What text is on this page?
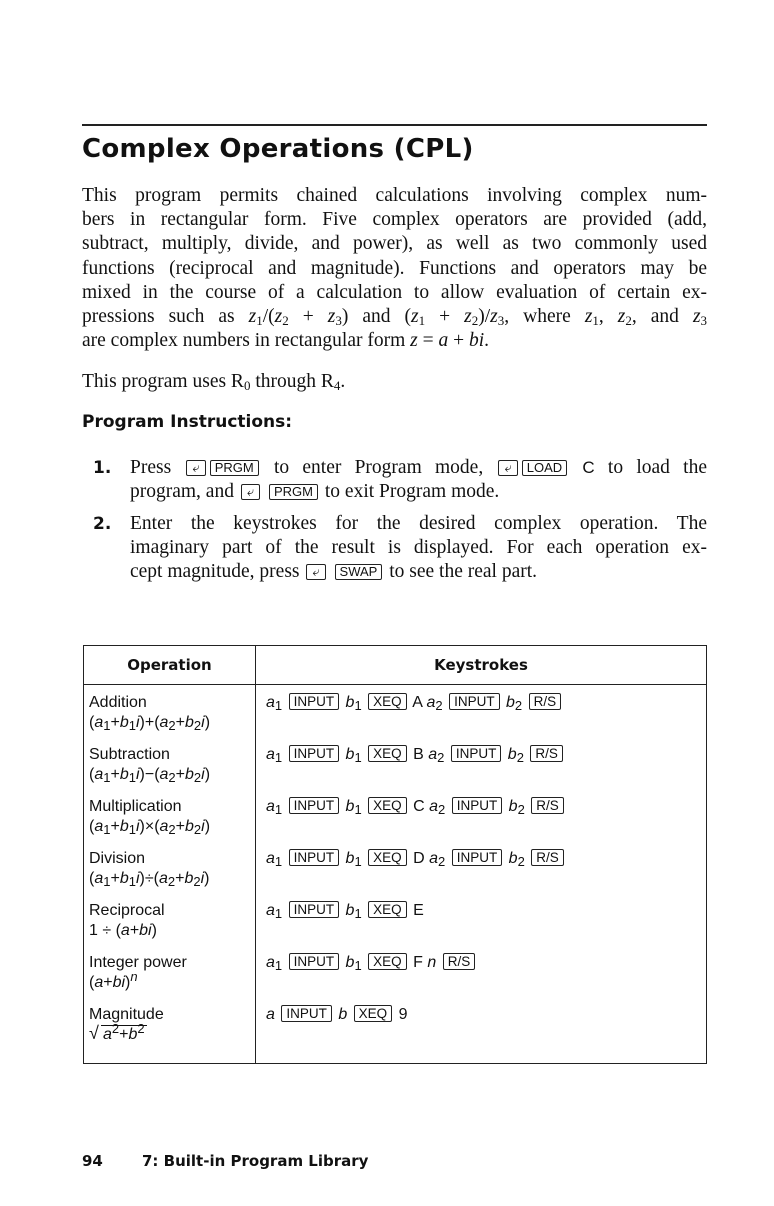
Complex Operations (CPL)
This program permits chained calculations involving complex num-
bers in rectangular form. Five complex operators are provided (add,
subtract, multiply, divide, and power), as well as two commonly used
functions (reciprocal and magnitude). Functions and operators may be
mixed in the course of a calculation to allow evaluation of certain ex-
pressions such as $z_1/(z_2 + z_3)$ and $(z_1 + z_2)/z_3$, where $z_1$, $z_2$, and $z_3$
are complex numbers in rectangular form z = a + bi.
This program uses $R_0$ through $R_4$.
Program Instructions:
1. Press ⤶ PRGM to enter Program mode, ⤶ LOAD C to load the
program, and ⤶ PRGM to exit Program mode.
2. Enter the keystrokes for the desired complex operation. The
imaginary part of the result is displayed. For each operation ex-
cept magnitude, press ⤶ SWAP to see the real part.
Operation	Keystrokes

Addition
$(a_1+b_1i)+(a_2+b_2i)$	$a_1$ INPUT $b_1$ XEQ A $a_2$ INPUT $b_2$ R/S

Subtraction
$(a_1+b_1i)-(a_2+b_2i)$	$a_1$ INPUT $b_1$ XEQ B $a_2$ INPUT $b_2$ R/S

Multiplication
$(a_1+b_1i)\times(a_2+b_2i)$	$a_1$ INPUT $b_1$ XEQ C $a_2$ INPUT $b_2$ R/S

Division
$(a_1+b_1i)\div(a_2+b_2i)$	$a_1$ INPUT $b_1$ XEQ D $a_2$ INPUT $b_2$ R/S

Reciprocal
1 ÷ (a+bi)	$a_1$ INPUT $b_1$ XEQ E

Integer power
$(a+bi)^n$	$a_1$ INPUT $b_1$ XEQ F n R/S

Magnitude
√ $a^2+b^2$	a INPUT b XEQ 9
94	7: Built-in Program Library
